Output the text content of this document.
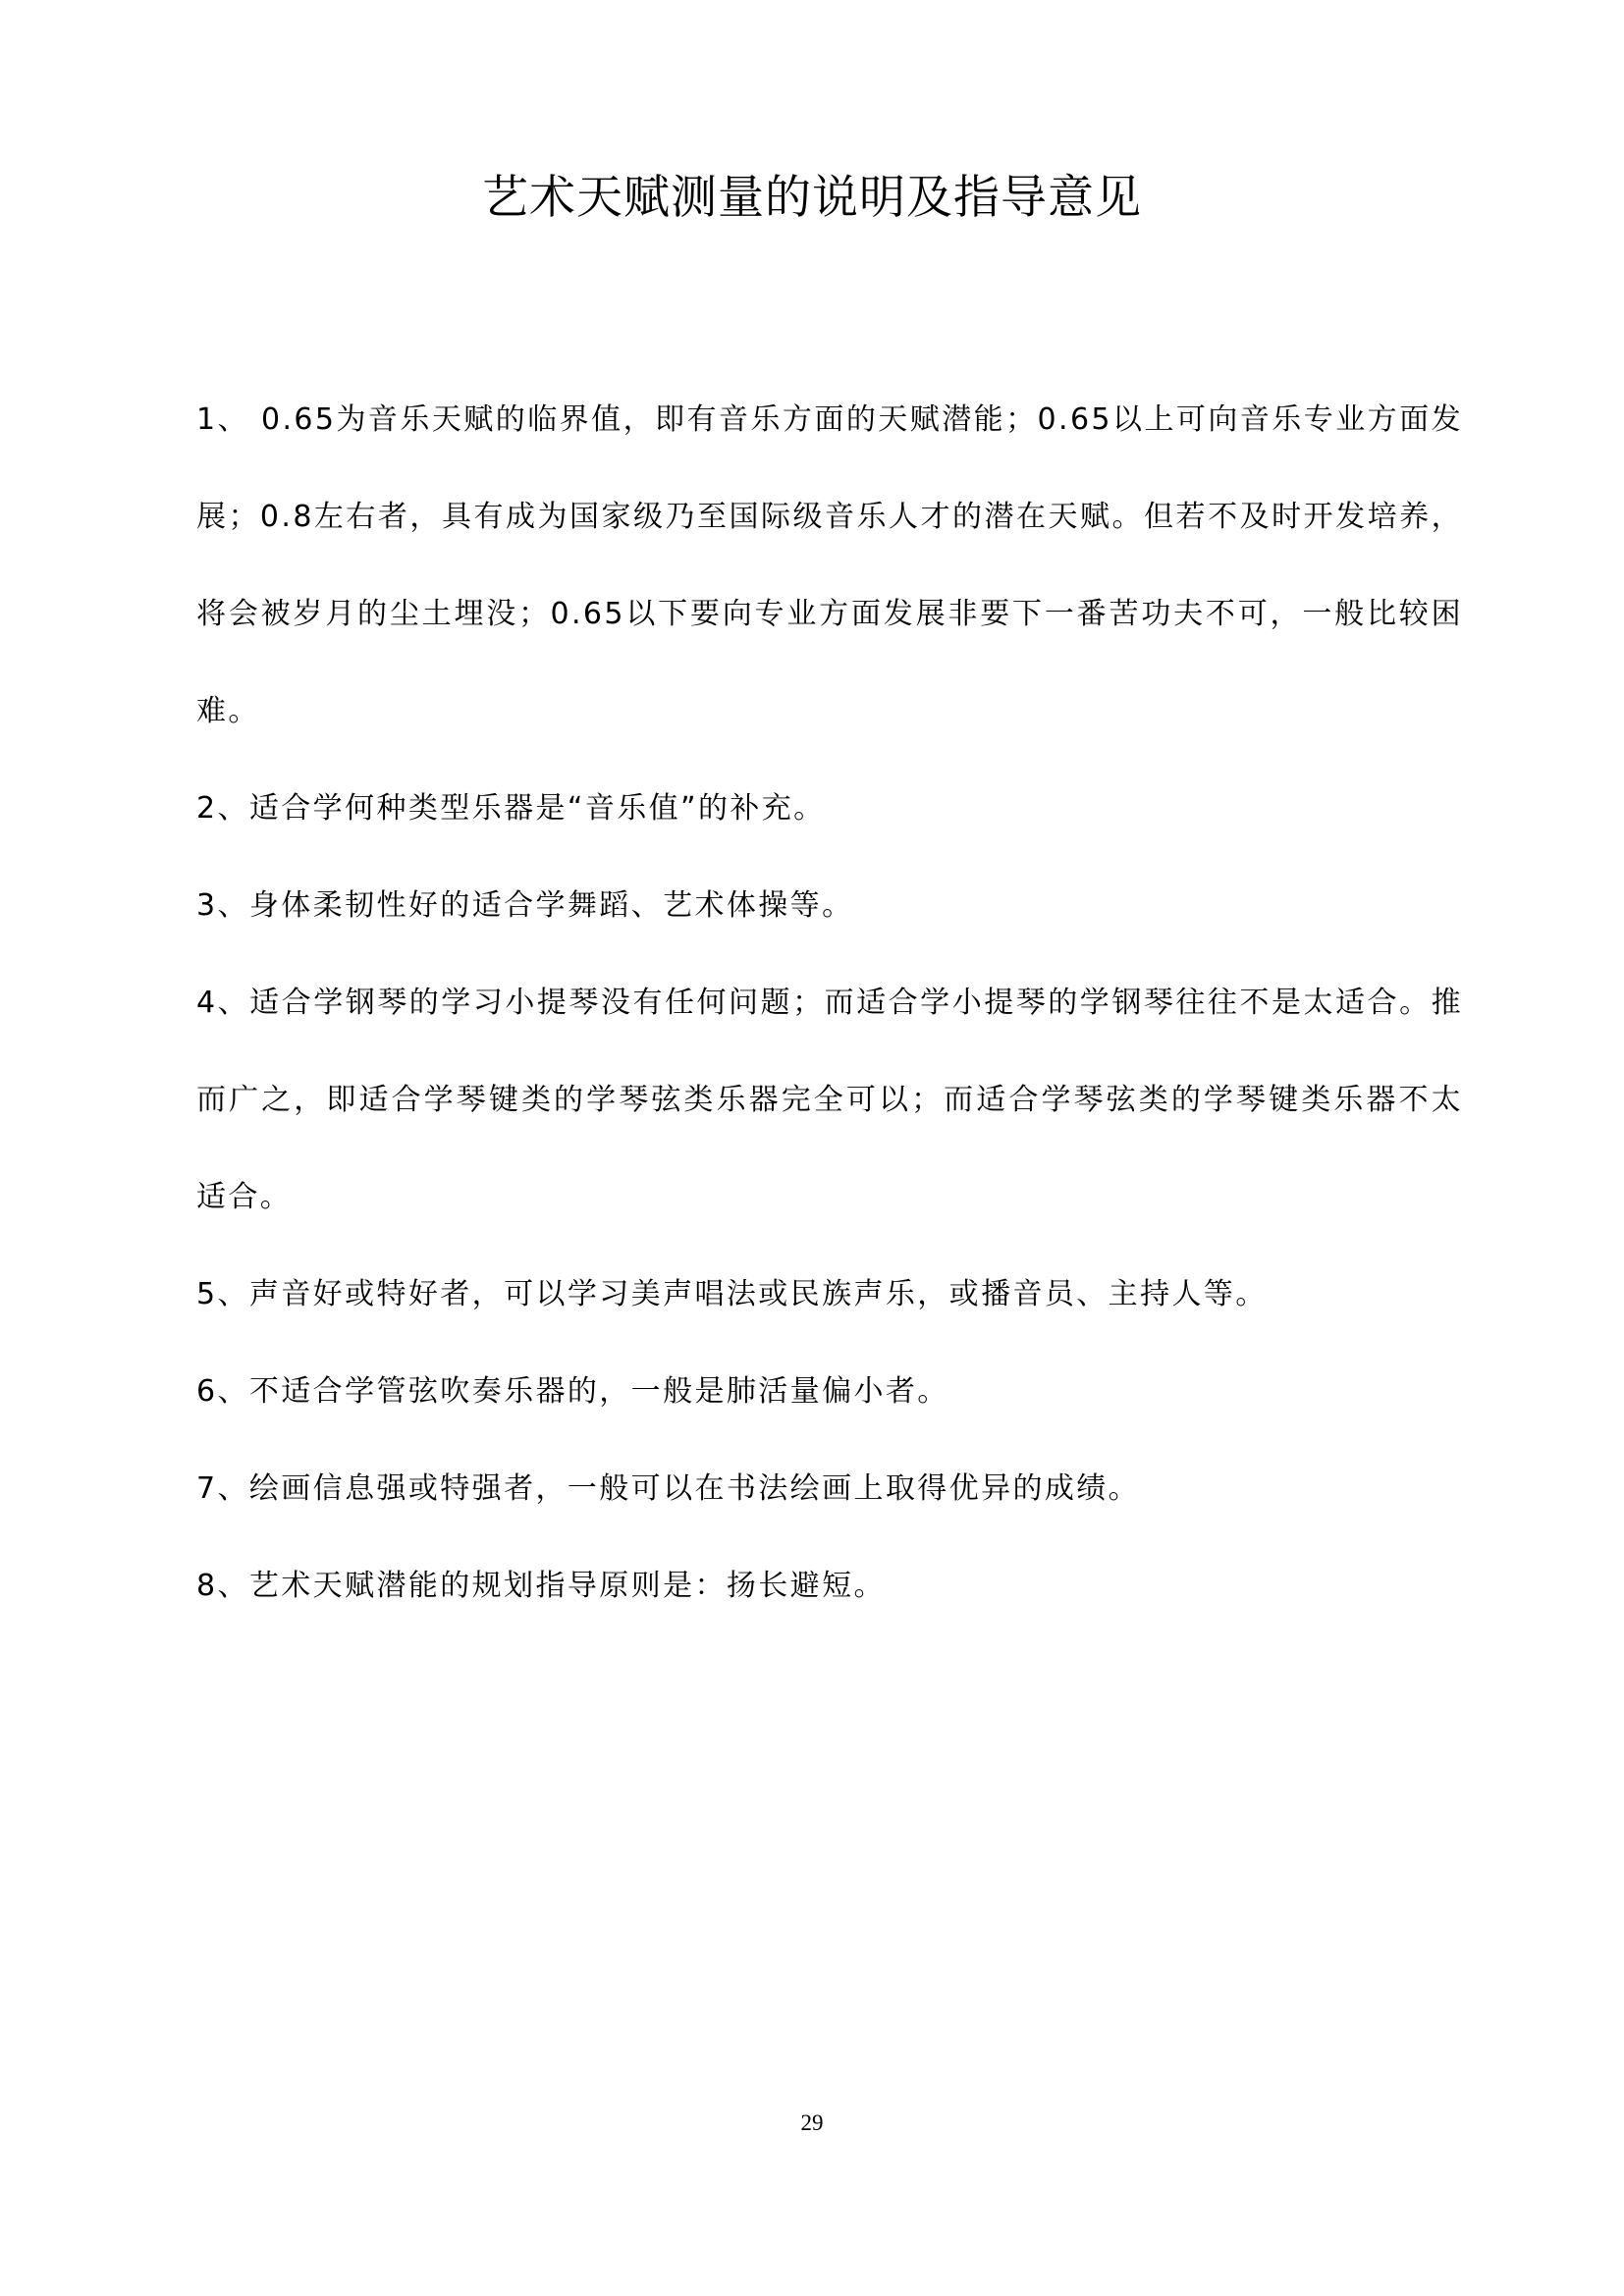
艺术天赋测量的说明及指导意见

1、 0.65为音乐天赋的临界值，即有音乐方面的天赋潜能；0.65以上可向音乐专业方面发展；0.8左右者，具有成为国家级乃至国际级音乐人才的潜在天赋。但若不及时开发培养，将会被岁月的尘土埋没；0.65以下要向专业方面发展非要下一番苦功夫不可，一般比较困难。

2、适合学何种类型乐器是“音乐值”的补充。

3、身体柔韧性好的适合学舞蹈、艺术体操等。

4、适合学钢琴的学习小提琴没有任何问题；而适合学小提琴的学钢琴往往不是太适合。推而广之，即适合学琴键类的学琴弦类乐器完全可以；而适合学琴弦类的学琴键类乐器不太适合。

5、声音好或特好者，可以学习美声唱法或民族声乐，或播音员、主持人等。

6、不适合学管弦吹奏乐器的，一般是肺活量偏小者。

7、绘画信息强或特强者，一般可以在书法绘画上取得优异的成绩。

8、艺术天赋潜能的规划指导原则是：扬长避短。

29
